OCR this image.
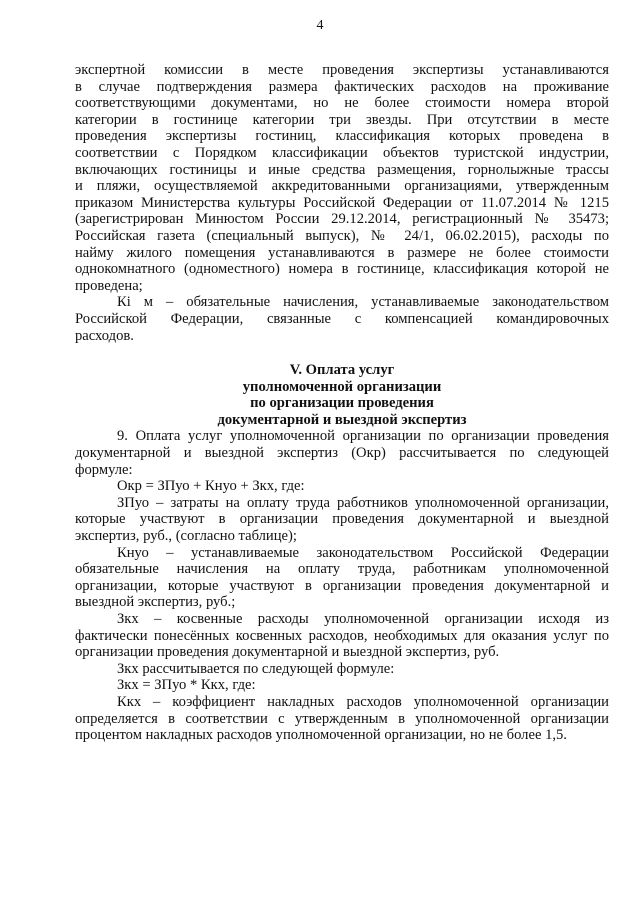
4

экспертной комиссии в месте проведения экспертизы устанавливаются

в случае подтверждения размера фактических расходов на проживание

соответствующими документами, но не более стоимости номера второй

категории в гостинице категории три звезды. При отсутствии в месте

проведения экспертизы гостиниц, классификация которых проведена в

соответствии с Порядком классификации объектов туристской индустрии,

включающих гостиницы и иные средства размещения, горнолыжные трассы

и пляжи, осуществляемой аккредитованными организациями, утвержденным

приказом Министерства культуры Российской Федерации от 11.07.2014 № 1215

(зарегистрирован Минюстом России 29.12.2014, регистрационный № 35473;

Российская газета (специальный выпуск), № 24/1, 06.02.2015), расходы по

найму жилого помещения устанавливаются в размере не более стоимости

однокомнатного (одноместного) номера в гостинице, классификация которой не

проведена;

Кi м – обязательные начисления, устанавливаемые законодательством

Российской Федерации, связанные с компенсацией командировочных

расходов.

V. Оплата услуг

уполномоченной организации

по организации проведения

документарной и выездной экспертиз

9. Оплата услуг уполномоченной организации по организации проведения

документарной и выездной экспертиз (Окр) рассчитывается по следующей

формуле:

Окр = ЗПуо + Кнуо + Зкх, где:

ЗПуо – затраты на оплату труда работников уполномоченной организации,

которые участвуют в организации проведения документарной и выездной

экспертиз, руб., (согласно таблице);

Кнуо – устанавливаемые законодательством Российской Федерации

обязательные начисления на оплату труда, работникам уполномоченной

организации, которые участвуют в организации проведения документарной и

выездной экспертиз, руб.;

Зкх – косвенные расходы уполномоченной организации исходя из

фактически понесённых косвенных расходов, необходимых для оказания услуг по

организации проведения документарной и выездной экспертиз, руб.

Зкх рассчитывается по следующей формуле:

Зкх = ЗПуо * Ккх, где:

Ккх – коэффициент накладных расходов уполномоченной организации

определяется в соответствии с утвержденным в уполномоченной организации

процентом накладных расходов уполномоченной организации, но не более 1,5.
